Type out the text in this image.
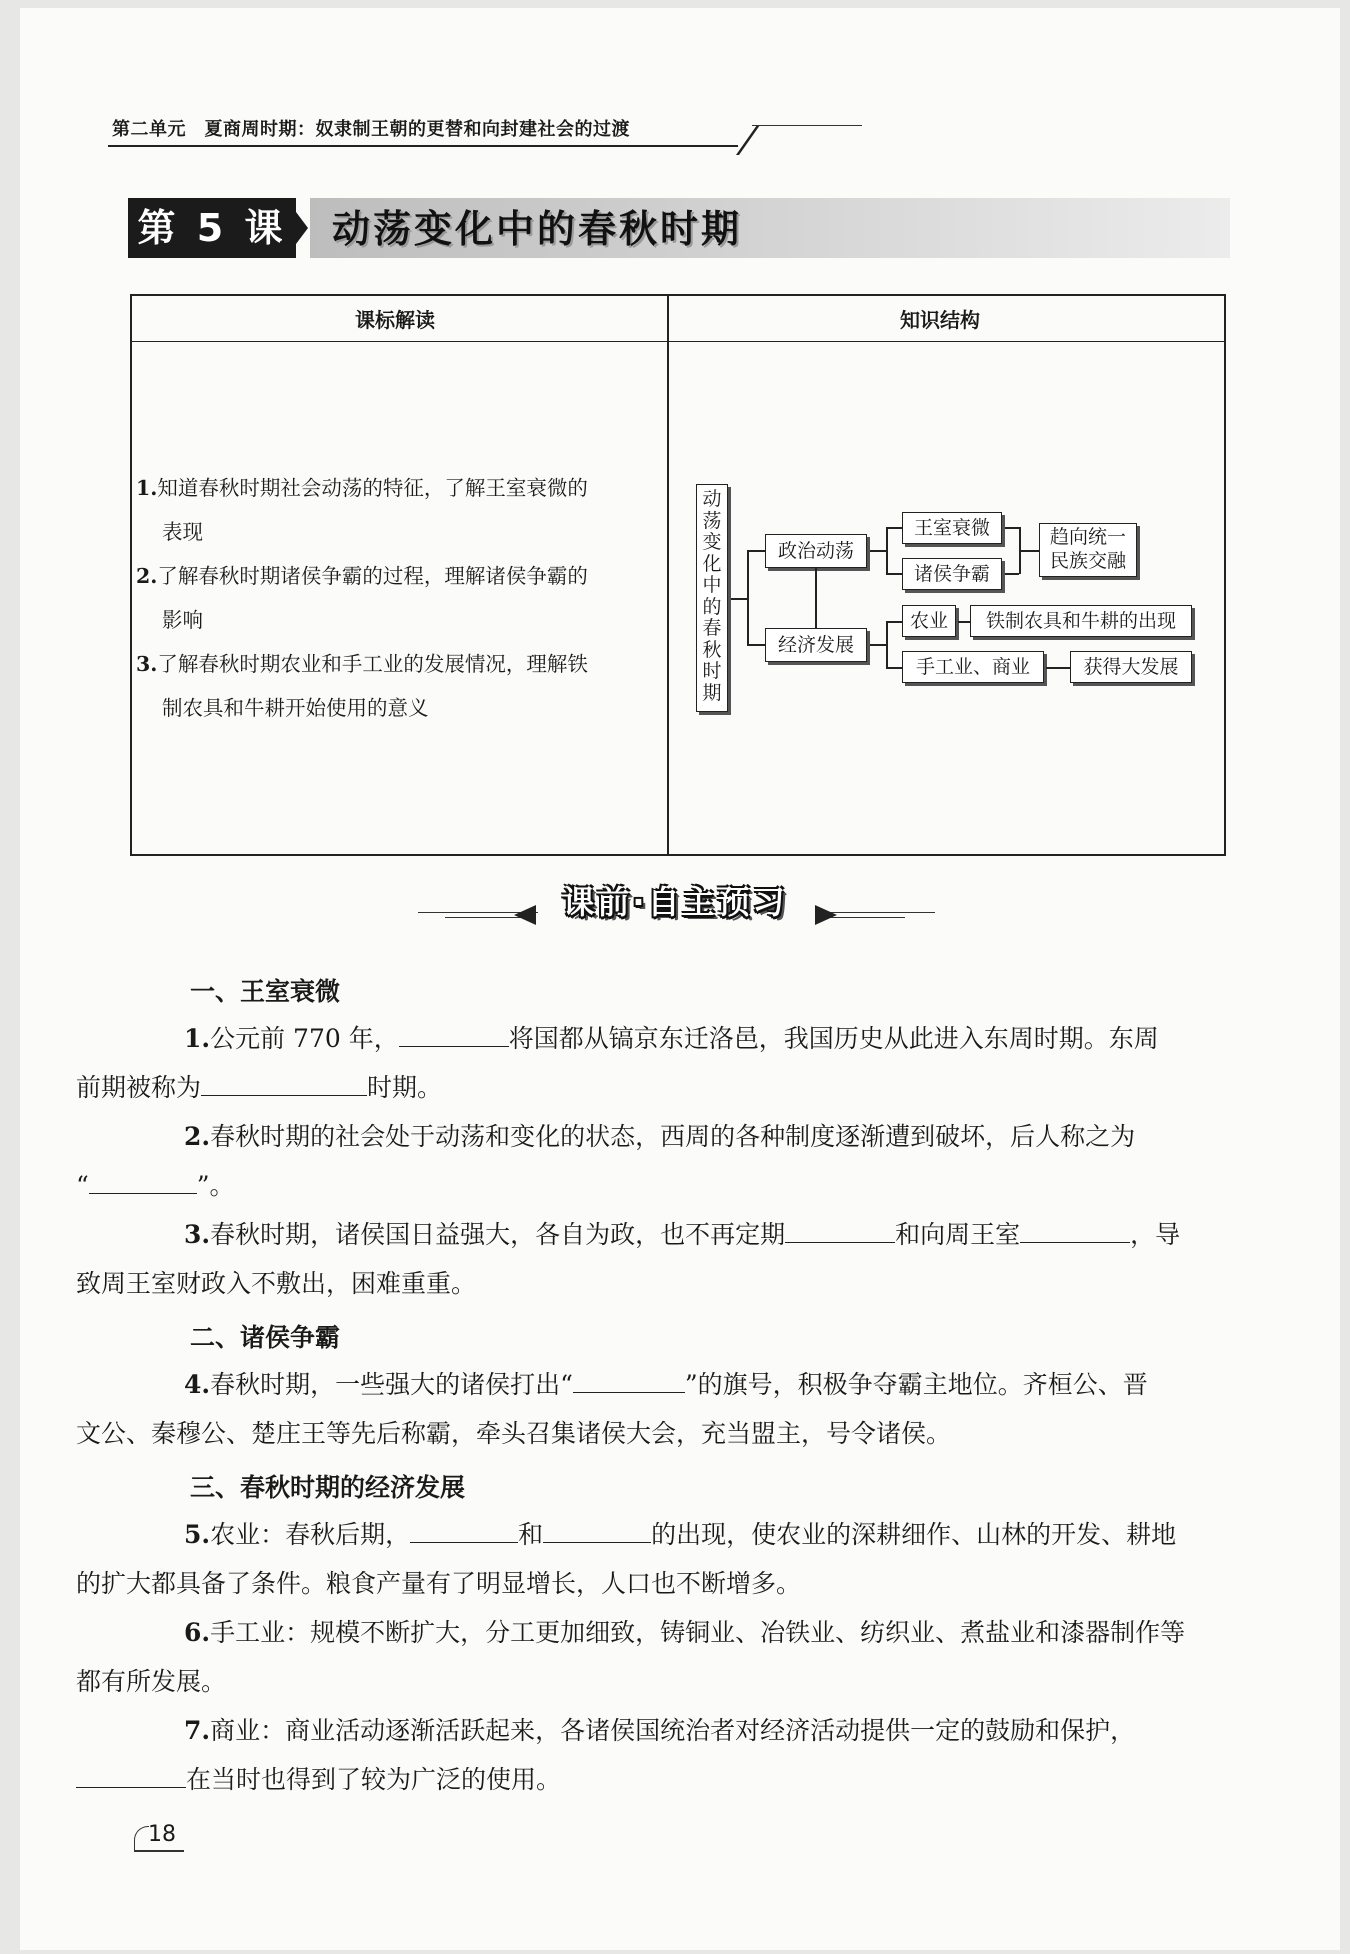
第二单元　夏商周时期：奴隶制王朝的更替和向封建社会的过渡
第 5 课 动荡变化中的春秋时期
课标解读	知识结构
1.知道春秋时期社会动荡的特征，了解王室衰微的
表现
2.了解春秋时期诸侯争霸的过程，理解诸侯争霸的
影响
3.了解春秋时期农业和手工业的发展情况，理解铁
制农具和牛耕开始使用的意义
动
荡
变
化
中
的
春
秋
时
期
政治动荡
经济发展
王室衰微
诸侯争霸
趋向统一
民族交融
农业
手工业、商业
铁制农具和牛耕的出现
获得大发展
课前·自主预习
一、王室衰微
1.公元前 770 年，	将国都从镐京东迁洛邑，我国历史从此进入东周时期。东周
前期被称为	时期。
2.春秋时期的社会处于动荡和变化的状态，西周的各种制度逐渐遭到破坏，后人称之为
“	”。
3.春秋时期，诸侯国日益强大，各自为政，也不再定期	和向周王室	，导
致周王室财政入不敷出，困难重重。
二、诸侯争霸
4.春秋时期，一些强大的诸侯打出“	”的旗号，积极争夺霸主地位。齐桓公、晋
文公、秦穆公、楚庄王等先后称霸，牵头召集诸侯大会，充当盟主，号令诸侯。
三、春秋时期的经济发展
5.农业：春秋后期，	和	的出现，使农业的深耕细作、山林的开发、耕地
的扩大都具备了条件。粮食产量有了明显增长，人口也不断增多。
6.手工业：规模不断扩大，分工更加细致，铸铜业、冶铁业、纺织业、煮盐业和漆器制作等
都有所发展。
7.商业：商业活动逐渐活跃起来，各诸侯国统治者对经济活动提供一定的鼓励和保护，
在当时也得到了较为广泛的使用。
18
